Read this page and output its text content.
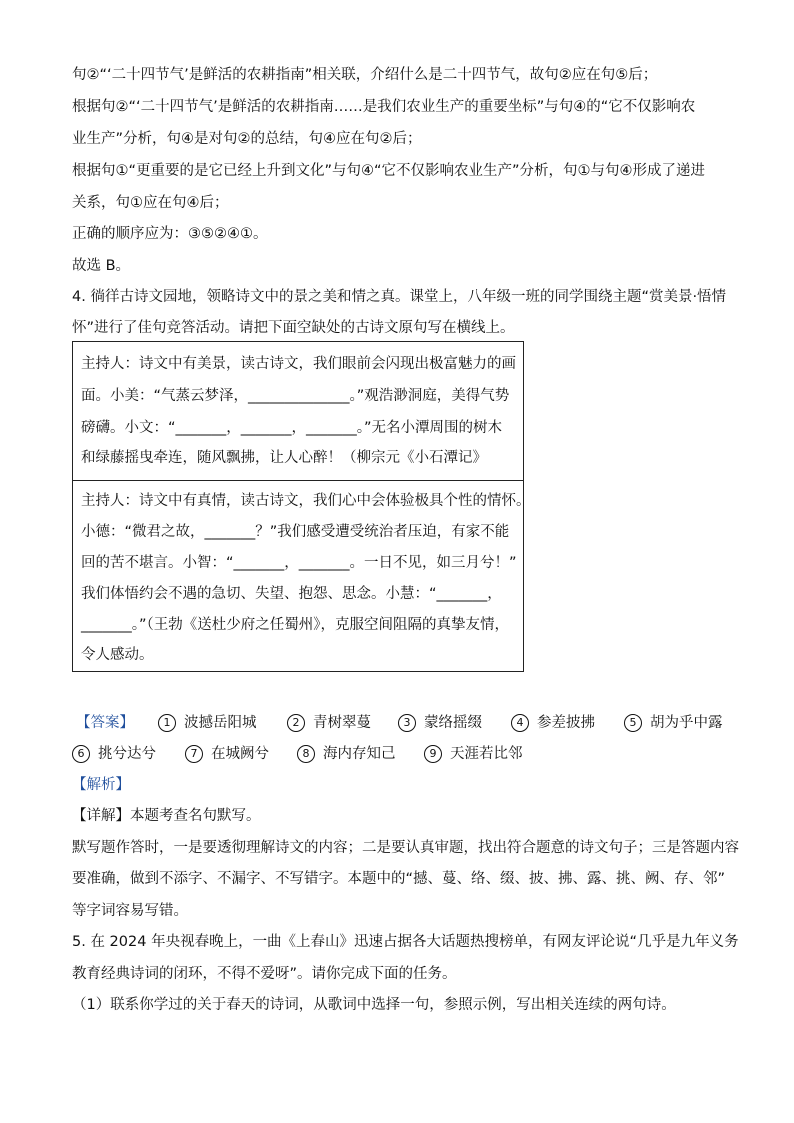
句②“‘二十四节气’是鲜活的农耕指南”相关联，介绍什么是二十四节气，故句②应在句⑤后；
根据句②“‘二十四节气’是鲜活的农耕指南……是我们农业生产的重要坐标”与句④的“它不仅影响农
业生产”分析，句④是对句②的总结，句④应在句②后；
根据句①“更重要的是它已经上升到文化”与句④“它不仅影响农业生产”分析，句①与句④形成了递进
关系，句①应在句④后；
正确的顺序应为：③⑤②④①。
故选 B。
4. 徜徉古诗文园地，领略诗文中的景之美和情之真。课堂上，八年级一班的同学围绕主题“赏美景·悟情
怀”进行了佳句竞答活动。请把下面空缺处的古诗文原句写在横线上。
主持人：诗文中有美景，读古诗文，我们眼前会闪现出极富魅力的画
面。小美：“气蒸云梦泽，______________。”观浩渺洞庭，美得气势
磅礴。小文：“_______，_______，_______。”无名小潭周围的树木
和绿藤摇曳牵连，随风飘拂，让人心醉！（柳宗元《小石潭记》
主持人：诗文中有真情，读古诗文，我们心中会体验极具个性的情怀。
小德：“微君之故，_______？”我们感受遭受统治者压迫，有家不能
回的苦不堪言。小智：“_______，_______。一日不见，如三月兮！”
我们体悟约会不遇的急切、失望、抱怨、思念。小慧：“_______，
_______。”（王勃《送杜少府之任蜀州》，克服空间阻隔的真挚友情，
令人感动。
【答案】	1 波撼岳阳城	2 青树翠蔓	3 蒙络摇缀	4 参差披拂	5 胡为乎中露
6 挑兮达兮	7 在城阙兮	8 海内存知己	9 天涯若比邻
【解析】
【详解】本题考查名句默写。
默写题作答时，一是要透彻理解诗文的内容；二是要认真审题，找出符合题意的诗文句子；三是答题内容
要准确，做到不添字、不漏字、不写错字。本题中的“撼、蔓、络、缀、披、拂、露、挑、阙、存、邻”
等字词容易写错。
5. 在 2024 年央视春晚上，一曲《上春山》迅速占据各大话题热搜榜单，有网友评论说“几乎是九年义务
教育经典诗词的闭环，不得不爱呀”。请你完成下面的任务。
（1）联系你学过的关于春天的诗词，从歌词中选择一句，参照示例，写出相关连续的两句诗。
